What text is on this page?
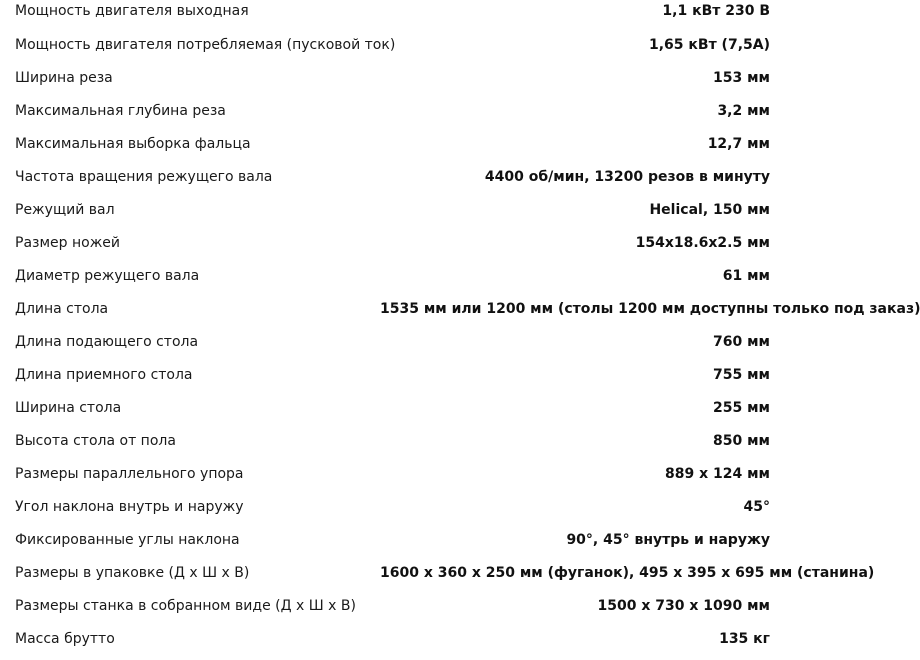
Мощность двигателя выходная	1,1 кВт 230 В
Мощность двигателя потребляемая (пусковой ток)	1,65 кВт (7,5А)
Ширина реза	153 мм
Максимальная глубина реза	3,2 мм
Максимальная выборка фальца	12,7 мм
Частота вращения режущего вала	4400 об/мин, 13200 резов в минуту
Режущий вал	Helical, 150 мм
Размер ножей	154x18.6x2.5 мм
Диаметр режущего вала	61 мм
Длина стола	1535 мм или 1200 мм (столы 1200 мм доступны только под заказ)
Длина подающего стола	760 мм
Длина приемного стола	755 мм
Ширина стола	255 мм
Высота стола от пола	850 мм
Размеры параллельного упора	889 х 124 мм
Угол наклона внутрь и наружу	45°
Фиксированные углы наклона	90°, 45° внутрь и наружу
Размеры в упаковке (Д х Ш х В)	1600 х 360 х 250 мм (фуганок), 495 х 395 х 695 мм (станина)
Размеры станка в собранном виде (Д х Ш х В)	1500 х 730 х 1090 мм
Масса брутто	135 кг
